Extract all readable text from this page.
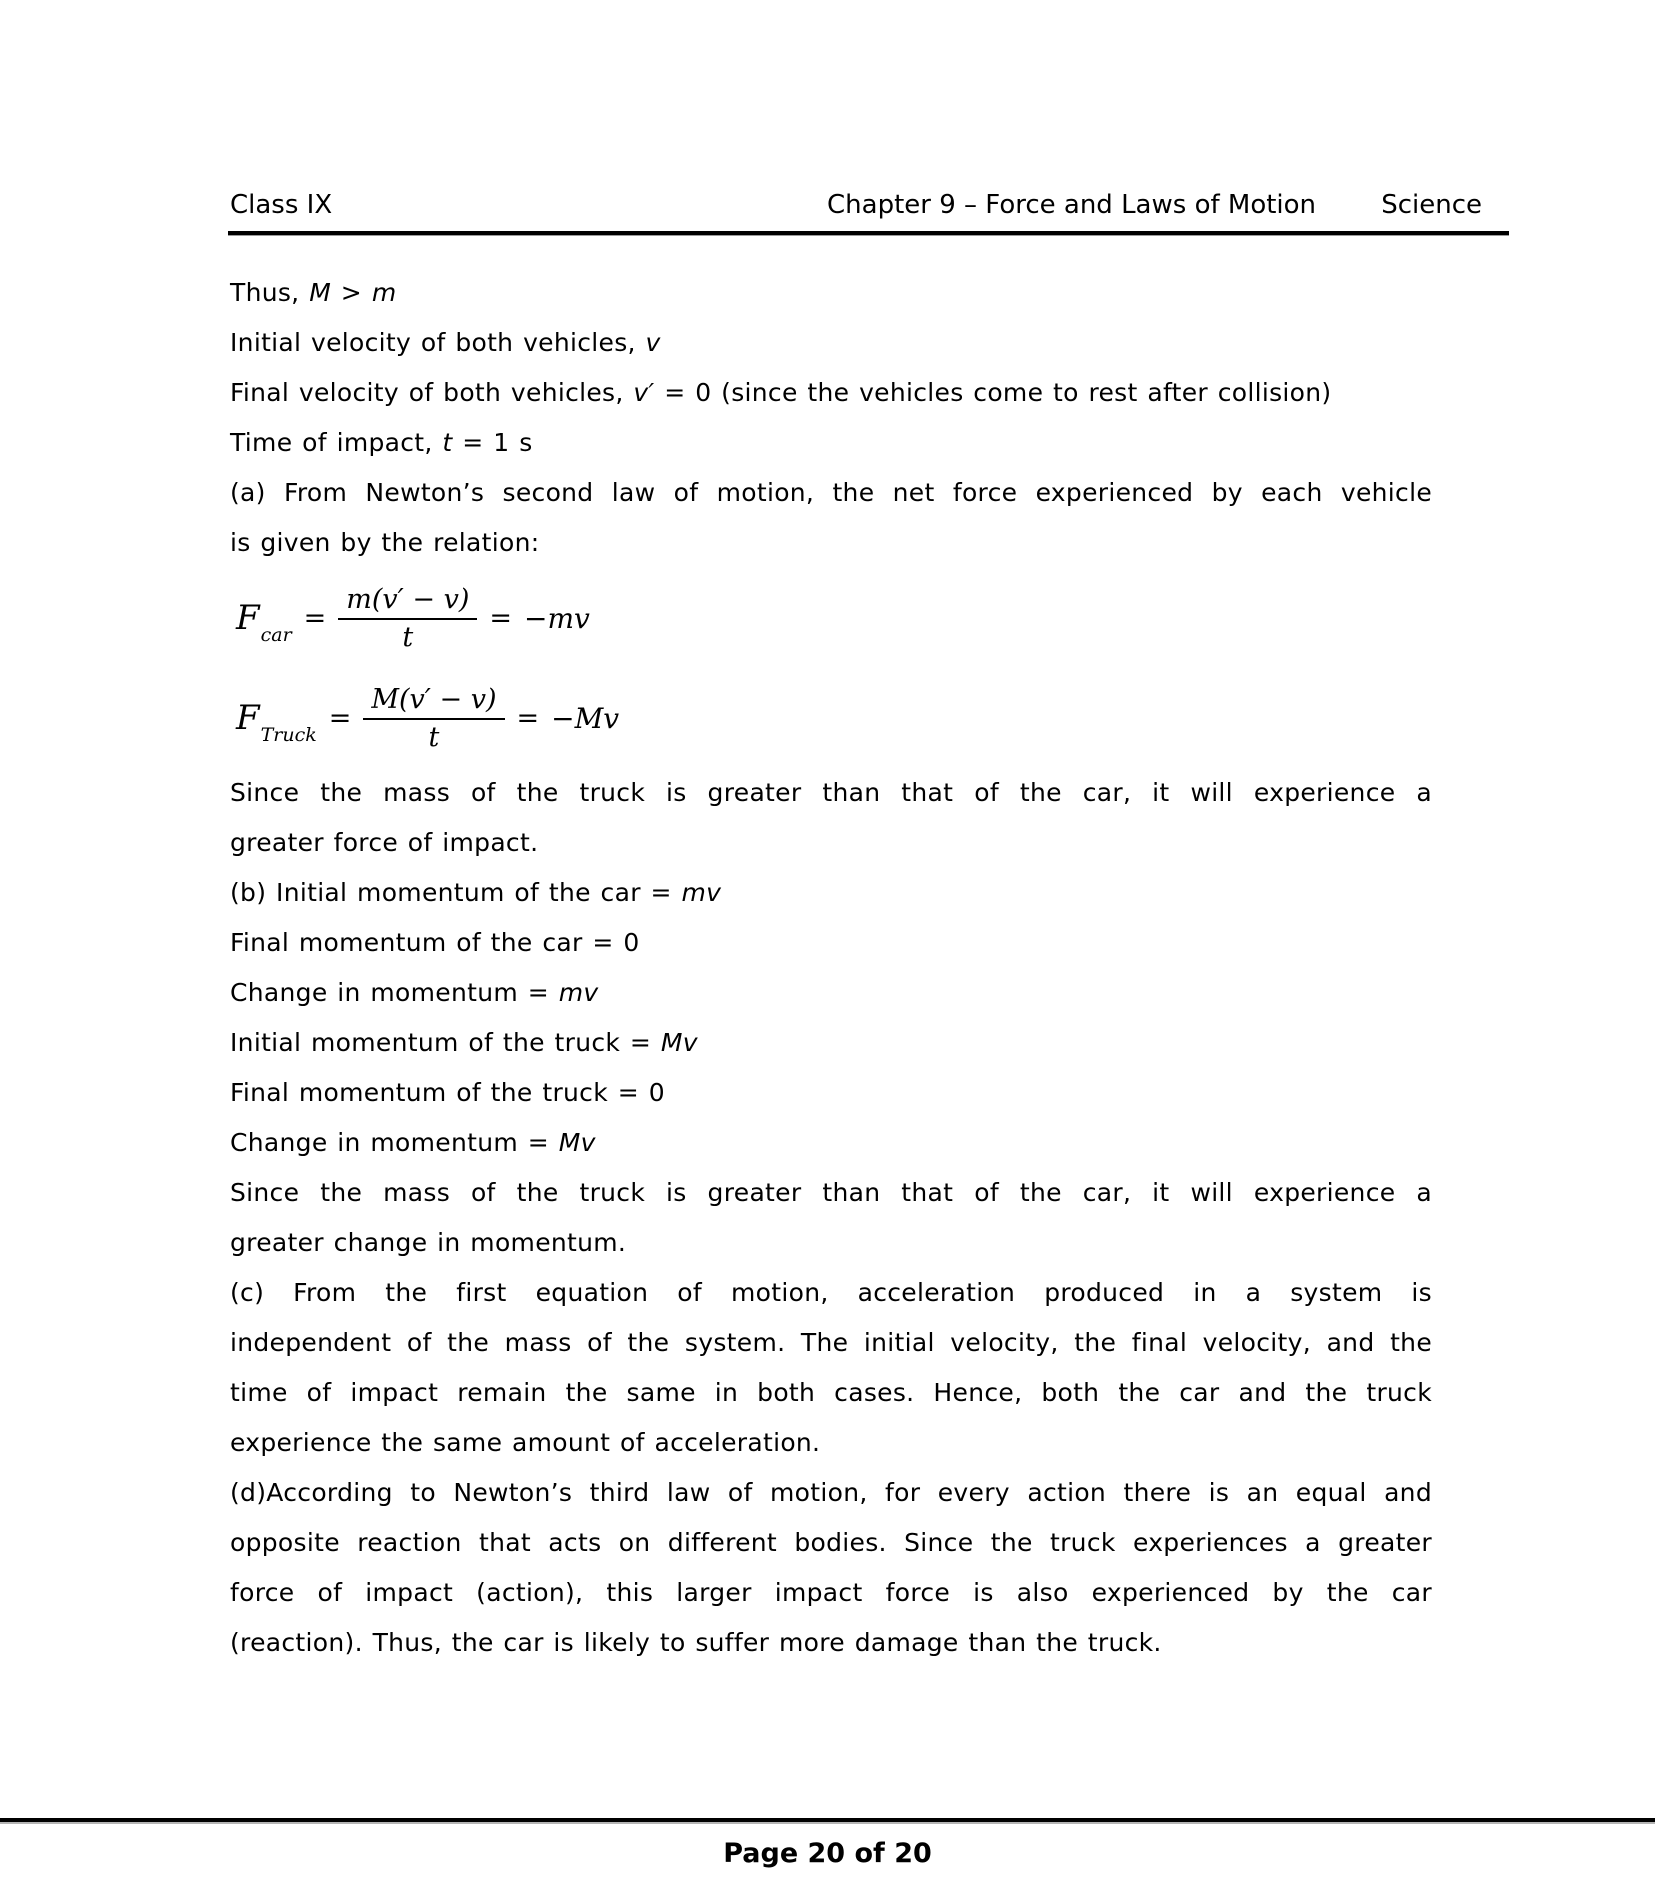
Class IX	Chapter 9 – Force and Laws of Motion	Science
Thus, M > m
Initial velocity of both vehicles, v
Final velocity of both vehicles, v′ = 0 (since the vehicles come to rest after collision)
Time of impact, t = 1 s
(a) From Newton’s second law of motion, the net force experienced by each vehicle
is given by the relation:
$F_{car}$
= $\frac{m(v' - v)}{t} = -mv$
$F_{Truck}$
= $\frac{M(v' - v)}{t} = -Mv$
Since the mass of the truck is greater than that of the car, it will experience a
greater force of impact.
(b) Initial momentum of the car = mv
Final momentum of the car = 0
Change in momentum = mv
Initial momentum of the truck = Mv
Final momentum of the truck = 0
Change in momentum = Mv
Since the mass of the truck is greater than that of the car, it will experience a
greater change in momentum.
(c) From the first equation of motion, acceleration produced in a system is
independent of the mass of the system. The initial velocity, the final velocity, and the
time of impact remain the same in both cases. Hence, both the car and the truck
experience the same amount of acceleration.
(d)According to Newton’s third law of motion, for every action there is an equal and
opposite reaction that acts on different bodies. Since the truck experiences a greater
force of impact (action), this larger impact force is also experienced by the car
(reaction). Thus, the car is likely to suffer more damage than the truck.
Page 20 of 20
